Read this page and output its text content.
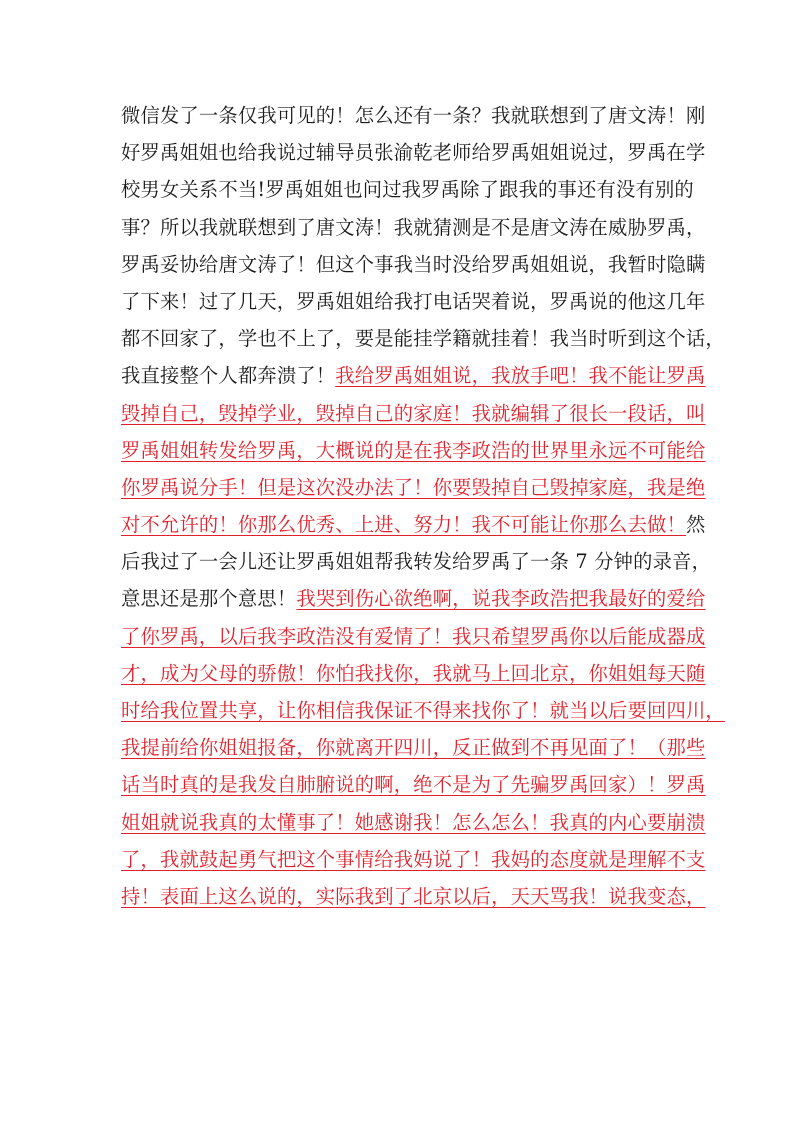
微信发了一条仅我可见的！怎么还有一条？我就联想到了唐文涛！刚
好罗禹姐姐也给我说过辅导员张渝乾老师给罗禹姐姐说过，罗禹在学
校男女关系不当!罗禹姐姐也问过我罗禹除了跟我的事还有没有别的
事？所以我就联想到了唐文涛！我就猜测是不是唐文涛在威胁罗禹，
罗禹妥协给唐文涛了！但这个事我当时没给罗禹姐姐说，我暂时隐瞒
了下来！过了几天，罗禹姐姐给我打电话哭着说，罗禹说的他这几年
都不回家了，学也不上了，要是能挂学籍就挂着！我当时听到这个话，
我直接整个人都奔溃了！我给罗禹姐姐说，我放手吧！我不能让罗禹
毁掉自己，毁掉学业，毁掉自己的家庭！我就编辑了很长一段话，叫
罗禹姐姐转发给罗禹，大概说的是在我李政浩的世界里永远不可能给
你罗禹说分手！但是这次没办法了！你要毁掉自己毁掉家庭，我是绝
对不允许的！你那么优秀、上进、努力！我不可能让你那么去做！然
后我过了一会儿还让罗禹姐姐帮我转发给罗禹了一条 7 分钟的录音，
意思还是那个意思！我哭到伤心欲绝啊，说我李政浩把我最好的爱给
了你罗禹，以后我李政浩没有爱情了！我只希望罗禹你以后能成器成
才，成为父母的骄傲！你怕我找你，我就马上回北京，你姐姐每天随
时给我位置共享，让你相信我保证不得来找你了！就当以后要回四川，
我提前给你姐姐报备，你就离开四川，反正做到不再见面了！（那些
话当时真的是我发自肺腑说的啊，绝不是为了先骗罗禹回家）！罗禹
姐姐就说我真的太懂事了！她感谢我！怎么怎么！我真的内心要崩溃
了，我就鼓起勇气把这个事情给我妈说了！我妈的态度就是理解不支
持！表面上这么说的，实际我到了北京以后，天天骂我！说我变态，
